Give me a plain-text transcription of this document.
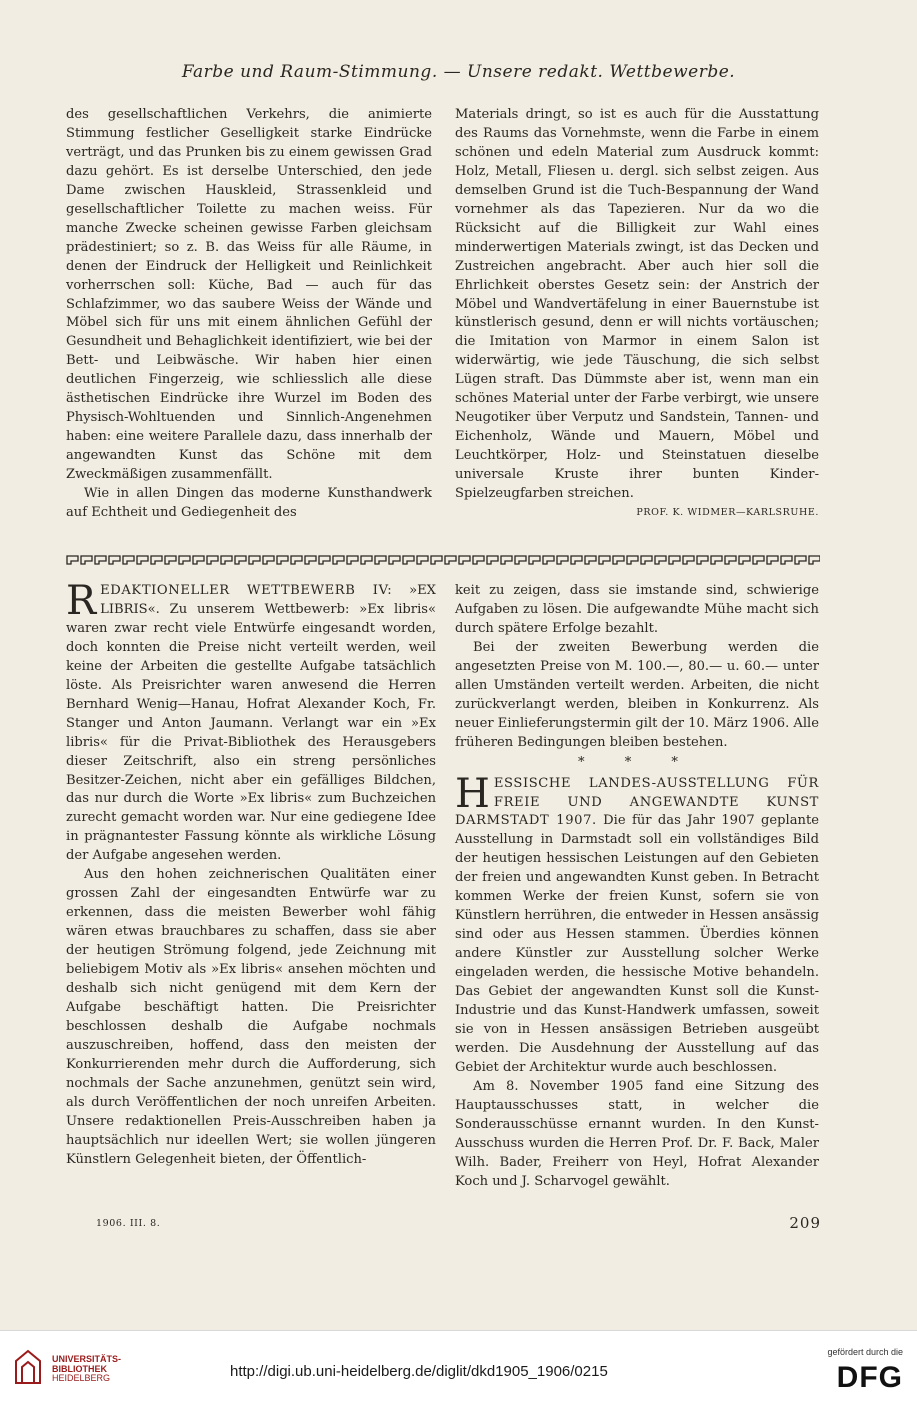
Farbe und Raum-Stimmung. — Unsere redakt. Wettbewerbe.

des gesellschaftlichen Verkehrs, die animierte Stimmung festlicher Geselligkeit starke Eindrücke verträgt, und das Prunken bis zu einem gewissen Grad dazu gehört. Es ist derselbe Unterschied, den jede Dame zwischen Hauskleid, Strassenkleid und gesellschaftlicher Toilette zu machen weiss. Für manche Zwecke scheinen gewisse Farben gleichsam prädestiniert; so z. B. das Weiss für alle Räume, in denen der Eindruck der Helligkeit und Reinlichkeit vorherrschen soll: Küche, Bad — auch für das Schlafzimmer, wo das saubere Weiss der Wände und Möbel sich für uns mit einem ähnlichen Gefühl der Gesundheit und Behaglichkeit identifiziert, wie bei der Bett- und Leibwäsche. Wir haben hier einen deutlichen Fingerzeig, wie schliesslich alle diese ästhetischen Eindrücke ihre Wurzel im Boden des Physisch-Wohltuenden und Sinnlich-Angenehmen haben: eine weitere Parallele dazu, dass innerhalb der angewandten Kunst das Schöne mit dem Zweckmäßigen zusammenfällt.

Wie in allen Dingen das moderne Kunsthandwerk auf Echtheit und Gediegenheit des

Materials dringt, so ist es auch für die Ausstattung des Raums das Vornehmste, wenn die Farbe in einem schönen und edeln Material zum Ausdruck kommt: Holz, Metall, Fliesen u. dergl. sich selbst zeigen. Aus demselben Grund ist die Tuch-Bespannung der Wand vornehmer als das Tapezieren. Nur da wo die Rücksicht auf die Billigkeit zur Wahl eines minderwertigen Materials zwingt, ist das Decken und Zustreichen angebracht. Aber auch hier soll die Ehrlichkeit oberstes Gesetz sein: der Anstrich der Möbel und Wandvertäfelung in einer Bauernstube ist künstlerisch gesund, denn er will nichts vortäuschen; die Imitation von Marmor in einem Salon ist widerwärtig, wie jede Täuschung, die sich selbst Lügen straft. Das Dümmste aber ist, wenn man ein schönes Material unter der Farbe verbirgt, wie unsere Neugotiker über Verputz und Sandstein, Tannen- und Eichenholz, Wände und Mauern, Möbel und Leuchtkörper, Holz- und Steinstatuen dieselbe universale Kruste ihrer bunten Kinder-Spielzeugfarben streichen.

PROF. K. WIDMER—KARLSRUHE.

REDAKTIONELLER WETTBEWERB IV: »EX LIBRIS«. Zu unserem Wettbewerb: »Ex libris« waren zwar recht viele Entwürfe eingesandt worden, doch konnten die Preise nicht verteilt werden, weil keine der Arbeiten die gestellte Aufgabe tatsächlich löste. Als Preisrichter waren anwesend die Herren Bernhard Wenig—Hanau, Hofrat Alexander Koch, Fr. Stanger und Anton Jaumann. Verlangt war ein »Ex libris« für die Privat-Bibliothek des Herausgebers dieser Zeitschrift, also ein streng persönliches Besitzer-Zeichen, nicht aber ein gefälliges Bildchen, das nur durch die Worte »Ex libris« zum Buchzeichen zurecht gemacht worden war. Nur eine gediegene Idee in prägnantester Fassung könnte als wirkliche Lösung der Aufgabe angesehen werden.

Aus den hohen zeichnerischen Qualitäten einer grossen Zahl der eingesandten Entwürfe war zu erkennen, dass die meisten Bewerber wohl fähig wären etwas brauchbares zu schaffen, dass sie aber der heutigen Strömung folgend, jede Zeichnung mit beliebigem Motiv als »Ex libris« ansehen möchten und deshalb sich nicht genügend mit dem Kern der Aufgabe beschäftigt hatten. Die Preisrichter beschlossen deshalb die Aufgabe nochmals auszuschreiben, hoffend, dass den meisten der Konkurrierenden mehr durch die Aufforderung, sich nochmals der Sache anzunehmen, genützt sein wird, als durch Veröffentlichen der noch unreifen Arbeiten. Unsere redaktionellen Preis-Ausschreiben haben ja hauptsächlich nur ideellen Wert; sie wollen jüngeren Künstlern Gelegenheit bieten, der Öffentlich-

keit zu zeigen, dass sie imstande sind, schwierige Aufgaben zu lösen. Die aufgewandte Mühe macht sich durch spätere Erfolge bezahlt.

Bei der zweiten Bewerbung werden die angesetzten Preise von M. 100.—, 80.— u. 60.— unter allen Umständen verteilt werden. Arbeiten, die nicht zurückverlangt werden, bleiben in Konkurrenz. Als neuer Einlieferungstermin gilt der 10. März 1906. Alle früheren Bedingungen bleiben bestehen.

* * *

HESSISCHE LANDES-AUSSTELLUNG FÜR FREIE UND ANGEWANDTE KUNST DARMSTADT 1907. Die für das Jahr 1907 geplante Ausstellung in Darmstadt soll ein vollständiges Bild der heutigen hessischen Leistungen auf den Gebieten der freien und angewandten Kunst geben. In Betracht kommen Werke der freien Kunst, sofern sie von Künstlern herrühren, die entweder in Hessen ansässig sind oder aus Hessen stammen. Überdies können andere Künstler zur Ausstellung solcher Werke eingeladen werden, die hessische Motive behandeln. Das Gebiet der angewandten Kunst soll die Kunst-Industrie und das Kunst-Handwerk umfassen, soweit sie von in Hessen ansässigen Betrieben ausgeübt werden. Die Ausdehnung der Ausstellung auf das Gebiet der Architektur wurde auch beschlossen.

Am 8. November 1905 fand eine Sitzung des Hauptausschusses statt, in welcher die Sonderausschüsse ernannt wurden. In den Kunst-Ausschuss wurden die Herren Prof. Dr. F. Back, Maler Wilh. Bader, Freiherr von Heyl, Hofrat Alexander Koch und J. Scharvogel gewählt.

1906. III. 8.	209
UNIVERSITÄTS-
BIBLIOTHEK
HEIDELBERG	http://digi.ub.uni-heidelberg.de/diglit/dkd1905_1906/0215
gefördert durch die
DFG
